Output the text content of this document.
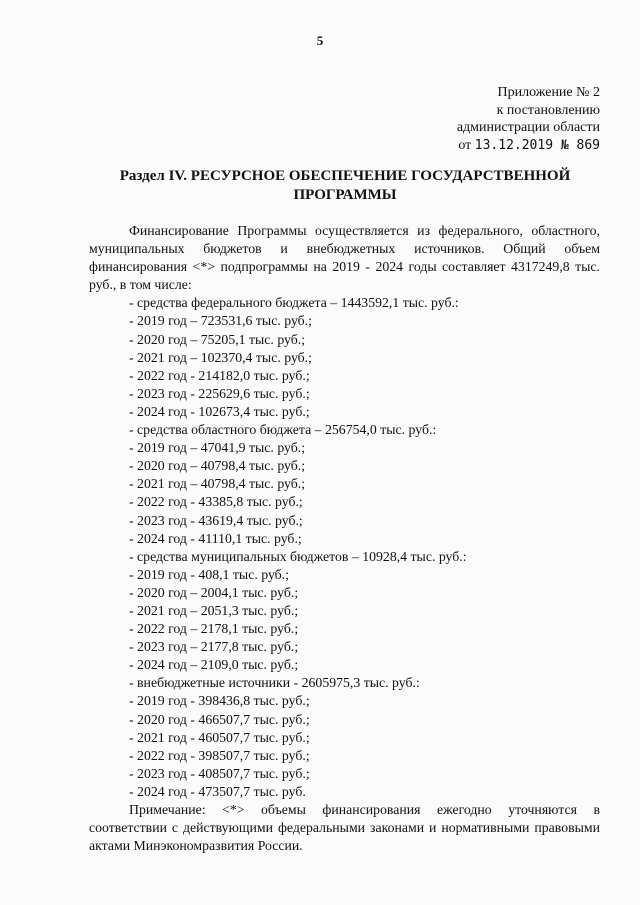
5
Приложение № 2
к постановлению
администрации области
от 13.12.2019 № 869
Раздел IV. РЕСУРСНОЕ ОБЕСПЕЧЕНИЕ ГОСУДАРСТВЕННОЙ ПРОГРАММЫ
Финансирование Программы осуществляется из федерального, областного, муниципальных бюджетов и внебюджетных источников. Общий объем финансирования <*> подпрограммы на 2019 - 2024 годы составляет 4317249,8 тыс. руб., в том числе:
- средства федерального бюджета – 1443592,1 тыс. руб.:
- 2019 год – 723531,6 тыс. руб.;
- 2020 год – 75205,1 тыс. руб.;
- 2021 год – 102370,4 тыс. руб.;
- 2022 год - 214182,0 тыс. руб.;
- 2023 год - 225629,6 тыс. руб.;
- 2024 год - 102673,4 тыс. руб.;
- средства областного бюджета – 256754,0 тыс. руб.:
- 2019 год – 47041,9 тыс. руб.;
- 2020 год – 40798,4 тыс. руб.;
- 2021 год – 40798,4 тыс. руб.;
- 2022 год - 43385,8 тыс. руб.;
- 2023 год - 43619,4 тыс. руб.;
- 2024 год - 41110,1 тыс. руб.;
- средства муниципальных бюджетов – 10928,4 тыс. руб.:
- 2019 год - 408,1 тыс. руб.;
- 2020 год – 2004,1 тыс. руб.;
- 2021 год – 2051,3 тыс. руб.;
- 2022 год – 2178,1 тыс. руб.;
- 2023 год – 2177,8 тыс. руб.;
- 2024 год – 2109,0 тыс. руб.;
- внебюджетные источники - 2605975,3 тыс. руб.:
- 2019 год - 398436,8 тыс. руб.;
- 2020 год - 466507,7 тыс. руб.;
- 2021 год - 460507,7 тыс. руб.;
- 2022 год - 398507,7 тыс. руб.;
- 2023 год - 408507,7 тыс. руб.;
- 2024 год - 473507,7 тыс. руб.
Примечание: <*> объемы финансирования ежегодно уточняются в соответствии с действующими федеральными законами и нормативными правовыми актами Минэкономразвития России.
